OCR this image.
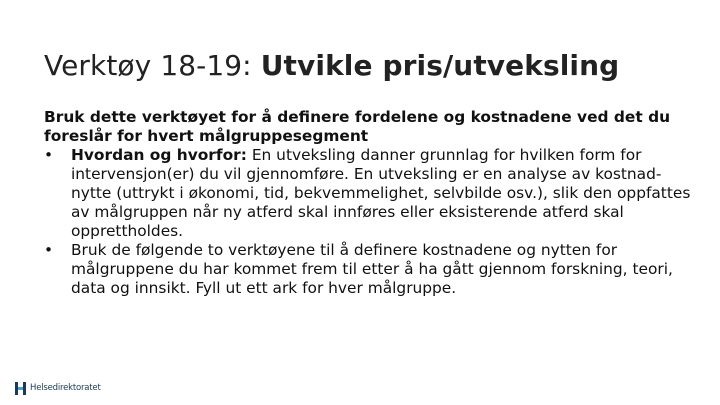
Verktøy 18-19: Utvikle pris/utveksling

Bruk dette verktøyet for å definere fordelene og kostnadene ved det du foreslår for hvert målgruppesegment

• Hvordan og hvorfor: En utveksling danner grunnlag for hvilken form for intervensjon(er) du vil gjennomføre. En utveksling er en analyse av kostnad-nytte (uttrykt i økonomi, tid, bekvemmelighet, selvbilde osv.), slik den oppfattes av målgruppen når ny atferd skal innføres eller eksisterende atferd skal opprettholdes.
• Bruk de følgende to verktøyene til å definere kostnadene og nytten for målgruppene du har kommet frem til etter å ha gått gjennom forskning, teori, data og innsikt. Fyll ut ett ark for hver målgruppe.
Helsedirektoratet
